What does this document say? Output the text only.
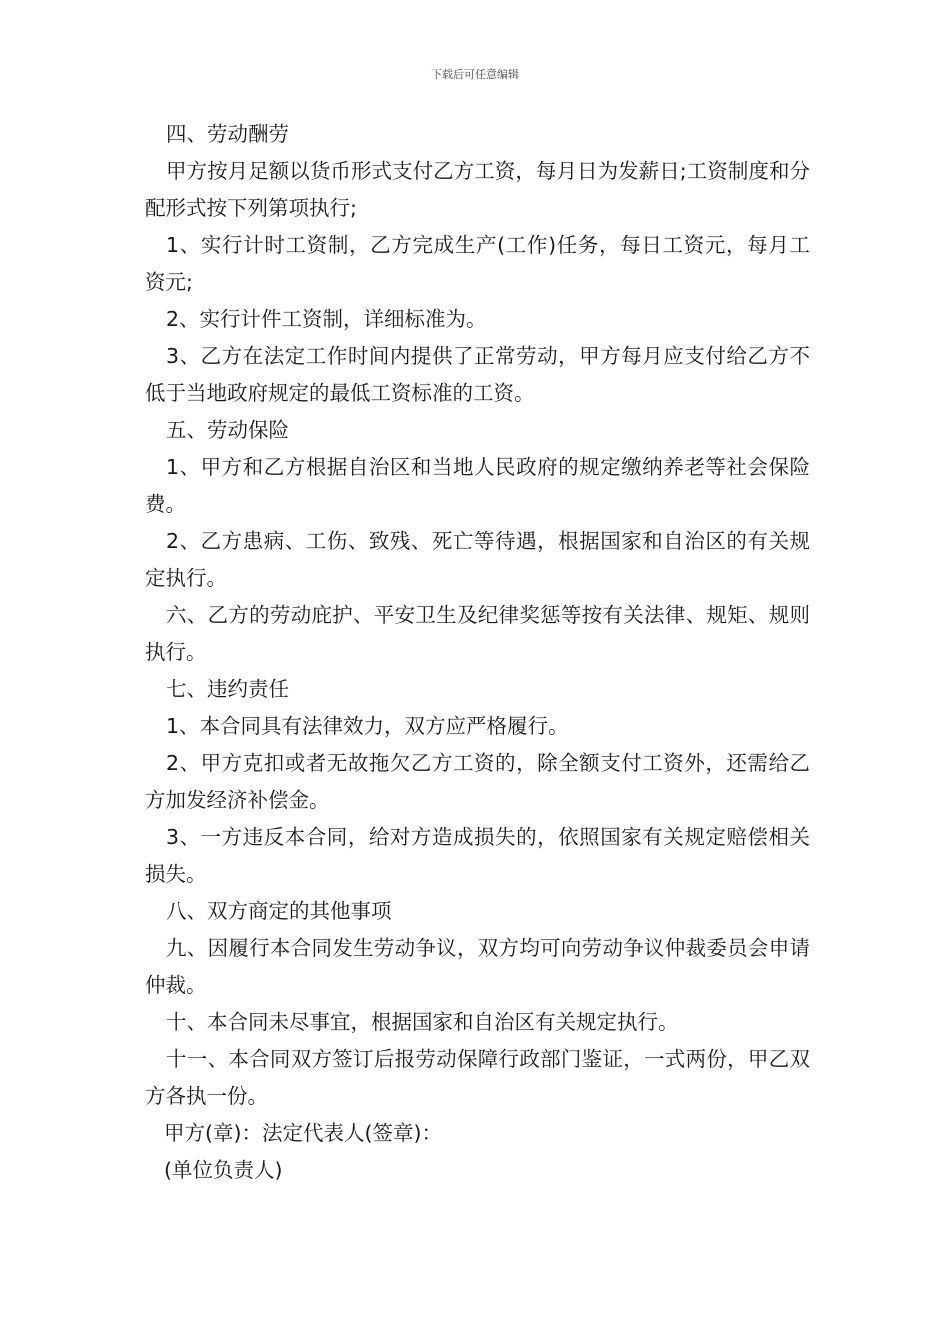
下载后可任意编辑

四、劳动酬劳

甲方按月足额以货币形式支付乙方工资，每月日为发薪日;工资制度和分配形式按下列第项执行;

1、实行计时工资制，乙方完成生产(工作)任务，每日工资元，每月工资元;

2、实行计件工资制，详细标准为。

3、乙方在法定工作时间内提供了正常劳动，甲方每月应支付给乙方不低于当地政府规定的最低工资标准的工资。

五、劳动保险

1、甲方和乙方根据自治区和当地人民政府的规定缴纳养老等社会保险费。

2、乙方患病、工伤、致残、死亡等待遇，根据国家和自治区的有关规定执行。

六、乙方的劳动庇护、平安卫生及纪律奖惩等按有关法律、规矩、规则执行。

七、违约责任

1、本合同具有法律效力，双方应严格履行。

2、甲方克扣或者无故拖欠乙方工资的，除全额支付工资外，还需给乙方加发经济补偿金。

3、一方违反本合同，给对方造成损失的，依照国家有关规定赔偿相关损失。

八、双方商定的其他事项

九、因履行本合同发生劳动争议，双方均可向劳动争议仲裁委员会申请仲裁。

十、本合同未尽事宜，根据国家和自治区有关规定执行。

十一、本合同双方签订后报劳动保障行政部门鉴证，一式两份，甲乙双方各执一份。

甲方(章)：法定代表人(签章)：

(单位负责人)
